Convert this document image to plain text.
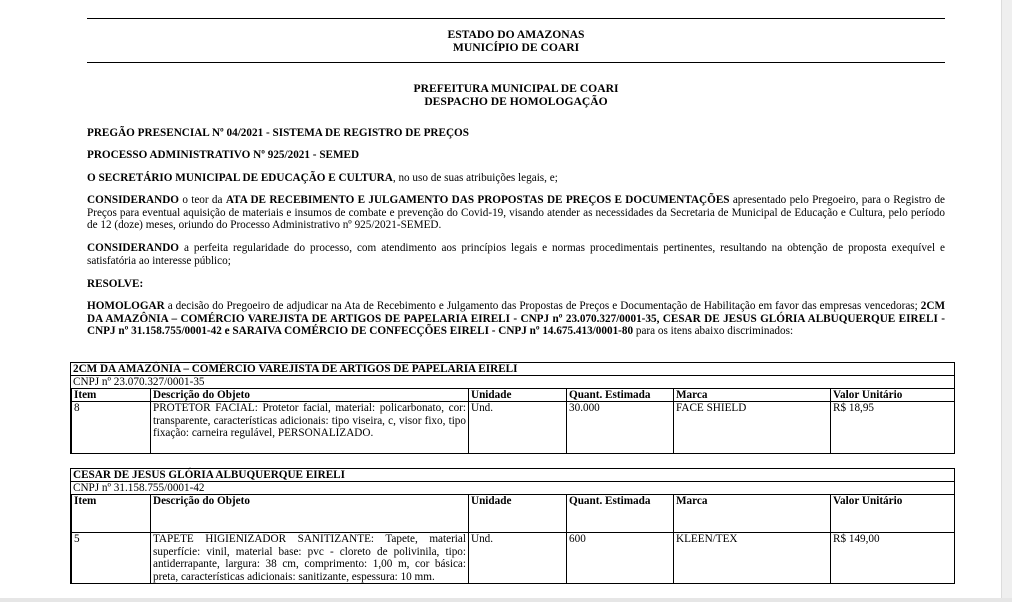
ESTADO DO AMAZONAS
MUNICÍPIO DE COARI
PREFEITURA MUNICIPAL DE COARI
DESPACHO DE HOMOLOGAÇÃO
PREGÃO PRESENCIAL Nº 04/2021 - SISTEMA DE REGISTRO DE PREÇOS
PROCESSO ADMINISTRATIVO Nº 925/2021 - SEMED

O SECRETÁRIO MUNICIPAL DE EDUCAÇÃO E CULTURA, no uso de suas atribuições legais, e;

CONSIDERANDO o teor da ATA DE RECEBIMENTO E JULGAMENTO DAS PROPOSTAS DE PREÇOS E DOCUMENTAÇÕES apresentado pelo Pregoeiro, para o Registro de Preços para eventual aquisição de materiais e insumos de combate e prevenção do Covid-19, visando atender as necessidades da Secretaria de Municipal de Educação e Cultura, pelo período de 12 (doze) meses, oriundo do Processo Administrativo nº 925/2021-SEMED.

CONSIDERANDO a perfeita regularidade do processo, com atendimento aos princípios legais e normas procedimentais pertinentes, resultando na obtenção de proposta exequível e satisfatória ao interesse público;

RESOLVE:

HOMOLOGAR a decisão do Pregoeiro de adjudicar na Ata de Recebimento e Julgamento das Propostas de Preços e Documentação de Habilitação em favor das empresas vencedoras; 2CM DA AMAZÔNIA – COMÉRCIO VAREJISTA DE ARTIGOS DE PAPELARIA EIRELI - CNPJ nº 23.070.327/0001-35, CESAR DE JESUS GLÓRIA ALBUQUERQUE EIRELI - CNPJ nº 31.158.755/0001-42 e SARAIVA COMÉRCIO DE CONFECÇÕES EIRELI - CNPJ nº 14.675.413/0001-80 para os itens abaixo discriminados:

2CM DA AMAZÔNIA – COMÉRCIO VAREJISTA DE ARTIGOS DE PAPELARIA EIRELI
CNPJ nº 23.070.327/0001-35
Item	Descrição do Objeto	Unidade	Quant. Estimada	Marca	Valor Unitário
8	PROTETOR FACIAL: Protetor facial, material: policarbonato, cor: transparente, características adicionais: tipo viseira, c, visor fixo, tipo fixação: carneira regulável, PERSONALIZADO.	Und.	30.000	FACE SHIELD	R$ 18,95
CESAR DE JESUS GLÓRIA ALBUQUERQUE EIRELI
CNPJ nº 31.158.755/0001-42
Item	Descrição do Objeto	Unidade	Quant. Estimada	Marca	Valor Unitário
5	TAPETE HIGIENIZADOR SANITIZANTE: Tapete, material superfície: vinil, material base: pvc - cloreto de polivinila, tipo: antiderrapante, largura: 38 cm, comprimento: 1,00 m, cor básica: preta, características adicionais: sanitizante, espessura: 10 mm.	Und.	600	KLEEN/TEX	R$ 149,00
